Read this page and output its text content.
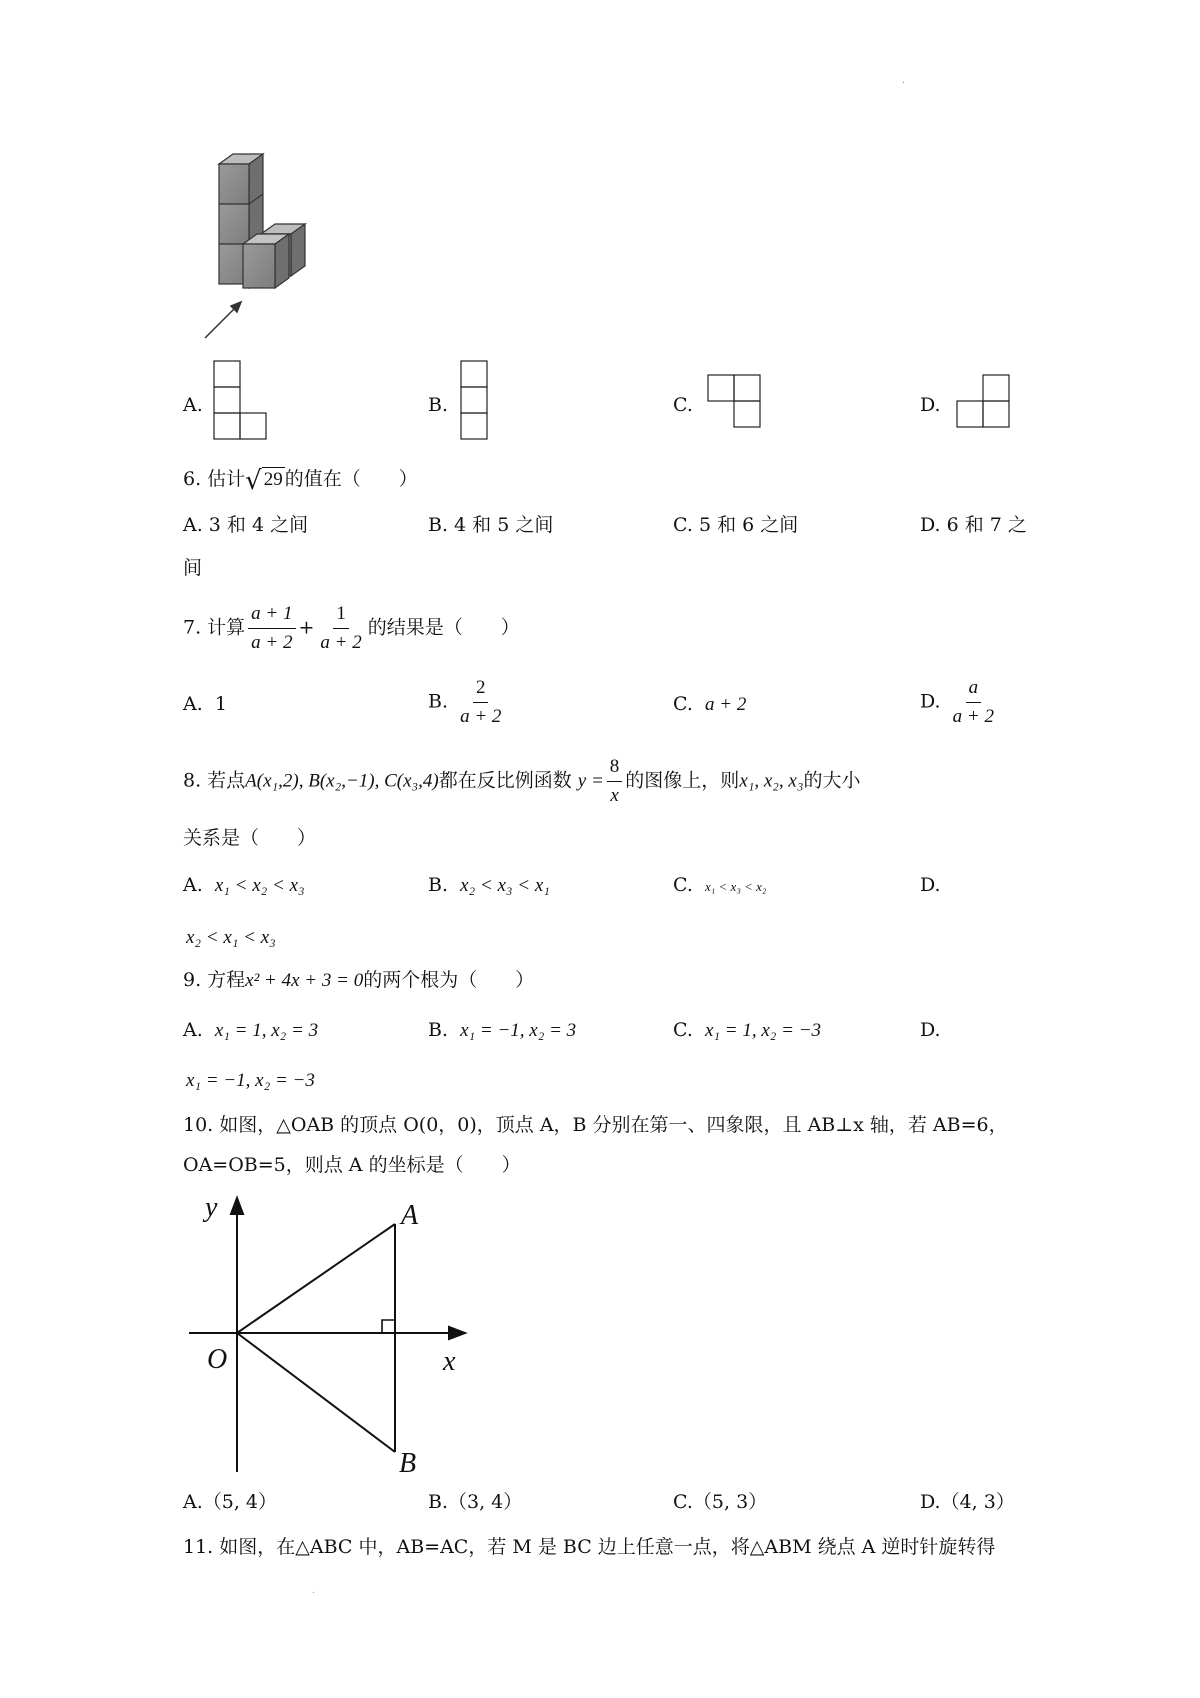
·
A.	B.	C.	D.
6. 估计√ 29 的值在（　　）
A. 3 和 4 之间	B. 4 和 5 之间	C. 5 和 6 之间	D. 6 和 7 之
间
7. 计算 $\frac{a + 1}{a + 2} + \frac{1}{a + 2}$ 的结果是（　　）
A. 1	B. $\frac{2}{a + 2}$	C. a + 2	D. $\frac{a}{a + 2}$
8. 若点A(x₁,2), B(x₂,−1), C(x₃,4)都在反比例函数 $y = \frac{8}{x}$ 的图像上，则x₁, x₂, x₃的大小
关系是（　　）
A. x₁ < x₂ < x₃	B. x₂ < x₃ < x₁	C. x₁ < x₃ < x₂	D.
x₂ < x₁ < x₃
9. 方程x² + 4x + 3 = 0的两个根为（　　）
A. x₁ = 1, x₂ = 3	B. x₁ = −1, x₂ = 3	C. x₁ = 1, x₂ = −3	D.
x₁ = −1, x₂ = −3
10. 如图，△OAB 的顶点 O(0，0)，顶点 A，B 分别在第一、四象限，且 AB⊥x 轴，若 AB=6，
OA=OB=5，则点 A 的坐标是（　　）
y
x
O
A
B
A.（5, 4）	B.（3, 4）	C.（5, 3）	D.（4, 3）
11. 如图，在△ABC 中，AB=AC，若 M 是 BC 边上任意一点，将△ABM 绕点 A 逆时针旋转得
·
